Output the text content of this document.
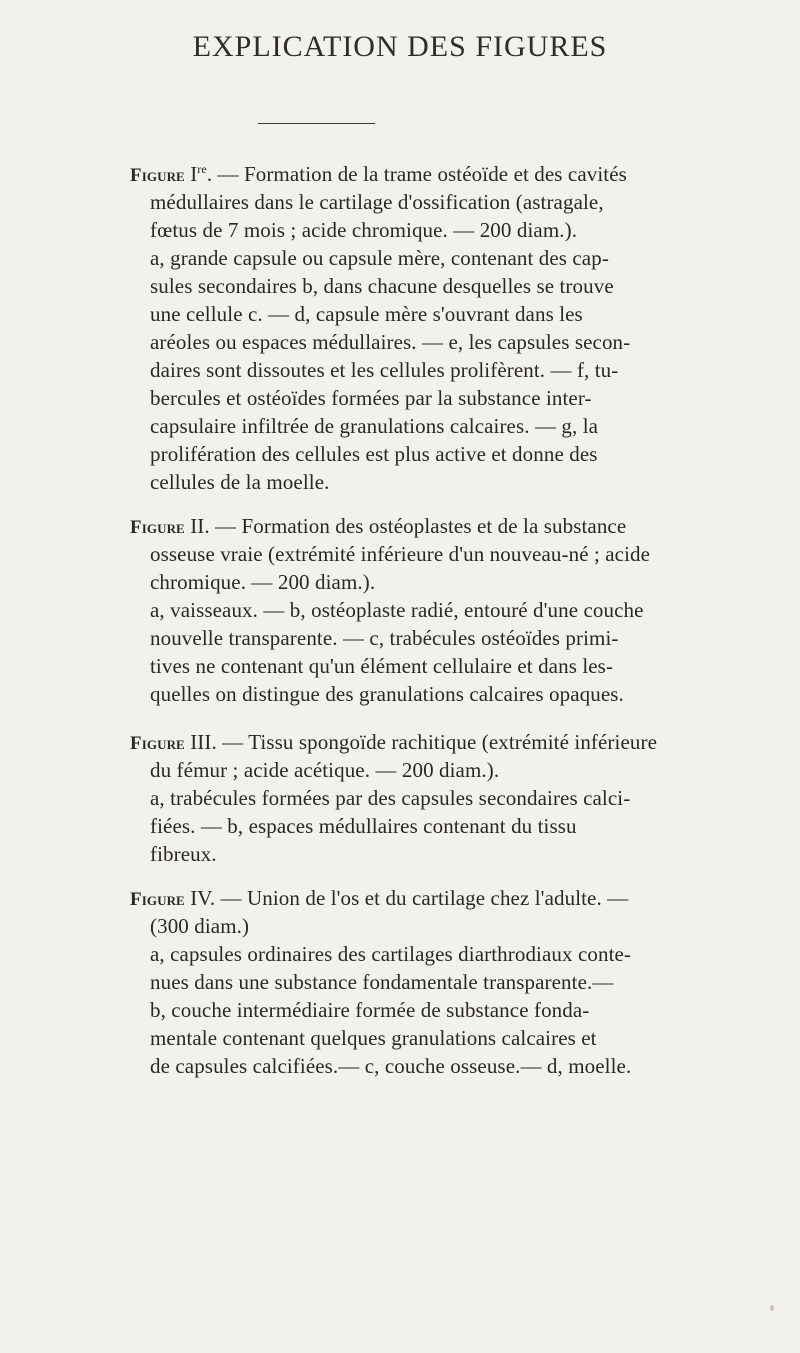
EXPLICATION DES FIGURES
Figure Ire. — Formation de la trame ostéoïde et des cavités
médullaires dans le cartilage d'ossification (astragale,
fœtus de 7 mois ; acide chromique. — 200 diam.).
a, grande capsule ou capsule mère, contenant des cap-
sules secondaires b, dans chacune desquelles se trouve
une cellule c. — d, capsule mère s'ouvrant dans les
aréoles ou espaces médullaires. — e, les capsules secon-
daires sont dissoutes et les cellules prolifèrent. — f, tu-
bercules et ostéoïdes formées par la substance inter-
capsulaire infiltrée de granulations calcaires. — g, la
prolifération des cellules est plus active et donne des
cellules de la moelle.
Figure II. — Formation des ostéoplastes et de la substance
osseuse vraie (extrémité inférieure d'un nouveau-né ; acide
chromique. — 200 diam.).
a, vaisseaux. — b, ostéoplaste radié, entouré d'une couche
nouvelle transparente. — c, trabécules ostéoïdes primi-
tives ne contenant qu'un élément cellulaire et dans les-
quelles on distingue des granulations calcaires opaques.
Figure III. — Tissu spongoïde rachitique (extrémité inférieure
du fémur ; acide acétique. — 200 diam.).
a, trabécules formées par des capsules secondaires calci-
fiées. — b, espaces médullaires contenant du tissu
fibreux.
Figure IV. — Union de l'os et du cartilage chez l'adulte. —
(300 diam.)
a, capsules ordinaires des cartilages diarthrodiaux conte-
nues dans une substance fondamentale transparente.—
b, couche intermédiaire formée de substance fonda-
mentale contenant quelques granulations calcaires et
de capsules calcifiées.— c, couche osseuse.— d, moelle.
